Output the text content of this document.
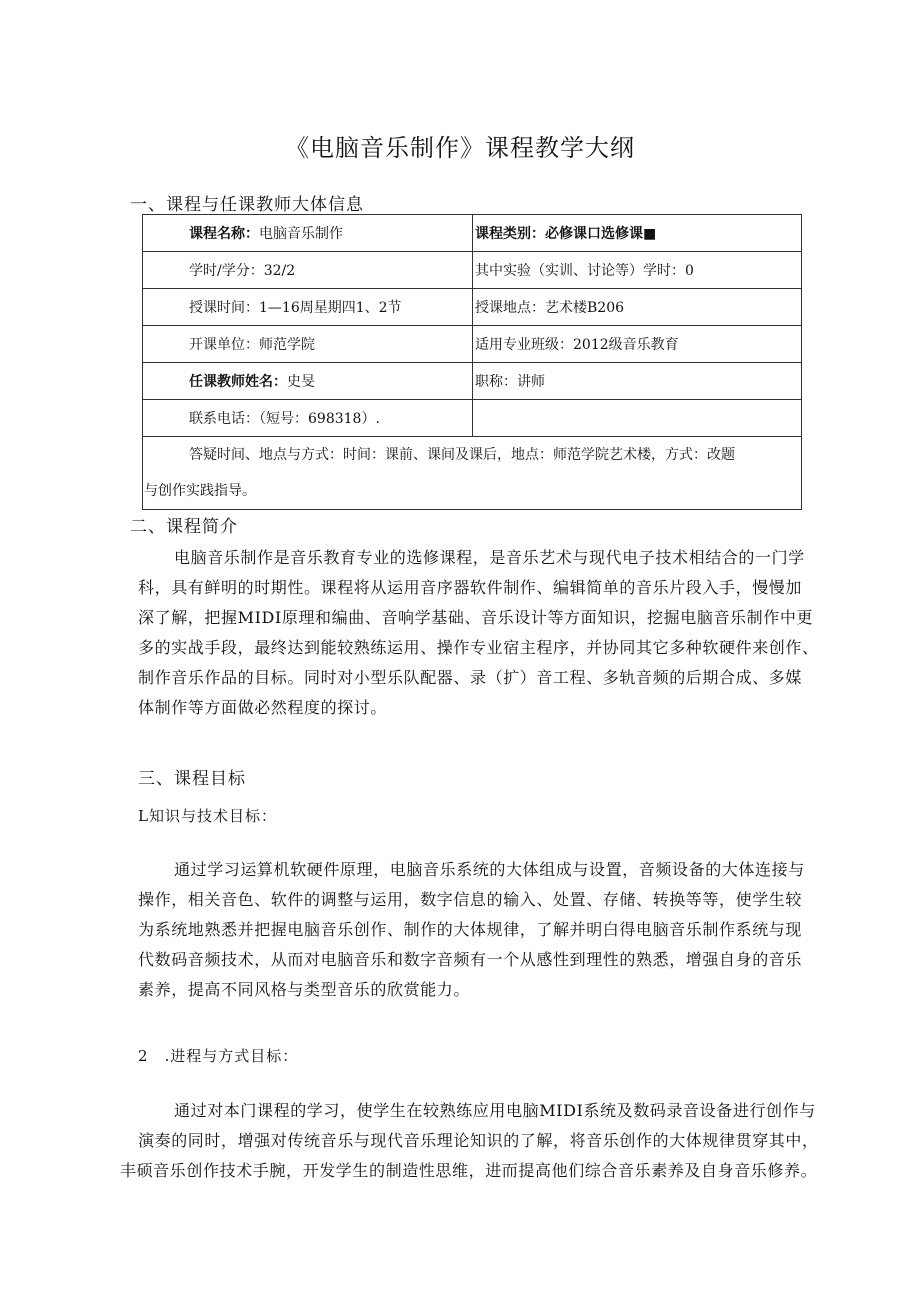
《电脑音乐制作》课程教学大纲
一、课程与任课教师大体信息
课程名称：电脑音乐制作	课程类别：必修课口选修课■
学时/学分：32/2	其中实验（实训、讨论等）学时：0
授课时间：1—16周星期四1、2节	授课地点：艺术楼B206
开课单位：师范学院	适用专业班级：2012级音乐教育
任课教师姓名：史旻	职称：讲师
联系电话：（短号：698318）.	

答疑时间、地点与方式：时间：课前、课间及课后，地点：师范学院艺术楼，方式：改题
与创作实践指导。	
二、课程简介
电脑音乐制作是音乐教育专业的选修课程，是音乐艺术与现代电子技术相结合的一门学
科，具有鲜明的时期性。课程将从运用音序器软件制作、编辑简单的音乐片段入手，慢慢加
深了解，把握MIDI原理和编曲、音响学基础、音乐设计等方面知识，挖掘电脑音乐制作中更
多的实战手段，最终达到能较熟练运用、操作专业宿主程序，并协同其它多种软硬件来创作、
制作音乐作品的目标。同时对小型乐队配器、录（扩）音工程、多轨音频的后期合成、多媒
体制作等方面做必然程度的探讨。
三、课程目标
L知识与技术目标：
通过学习运算机软硬件原理，电脑音乐系统的大体组成与设置，音频设备的大体连接与
操作，相关音色、软件的调整与运用，数字信息的输入、处置、存储、转换等等，使学生较
为系统地熟悉并把握电脑音乐创作、制作的大体规律，了解并明白得电脑音乐制作系统与现
代数码音频技术，从而对电脑音乐和数字音频有一个从感性到理性的熟悉，增强自身的音乐
素养，提高不同风格与类型音乐的欣赏能力。
2　.进程与方式目标：
通过对本门课程的学习，使学生在较熟练应用电脑MIDI系统及数码录音设备进行创作与
演奏的同时，增强对传统音乐与现代音乐理论知识的了解，将音乐创作的大体规律贯穿其中，
丰硕音乐创作技术手腕，开发学生的制造性思维，进而提高他们综合音乐素养及自身音乐修养。
